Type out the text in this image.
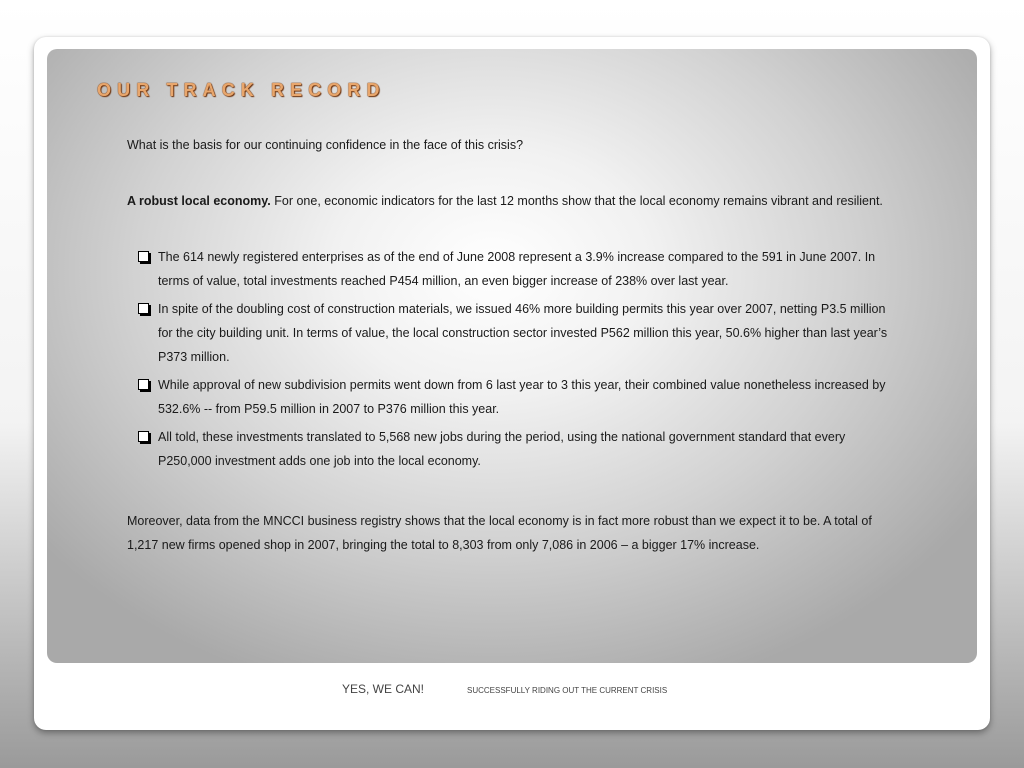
OUR TRACK RECORD

What is the basis for our continuing confidence in the face of this crisis?

A robust local economy. For one, economic indicators for the last 12 months show that the local economy remains vibrant and resilient.

The 614 newly registered enterprises as of the end of June 2008 represent a 3.9% increase compared to the 591 in June 2007. In terms of value, total investments reached P454 million, an even bigger increase of 238% over last year.
In spite of the doubling cost of construction materials, we issued 46% more building permits this year over 2007, netting P3.5 million for the city building unit. In terms of value, the local construction sector invested P562 million this year, 50.6% higher than last year’s P373 million.
While approval of new subdivision permits went down from 6 last year to 3 this year, their combined value nonetheless increased by 532.6% -- from P59.5 million in 2007 to P376 million this year.
All told, these investments translated to 5,568 new jobs during the period, using the national government standard that every P250,000 investment adds one job into the local economy.

Moreover, data from the MNCCI business registry shows that the local economy is in fact more robust than we expect it to be. A total of 1,217 new firms opened shop in 2007, bringing the total to 8,303 from only 7,086 in 2006 – a bigger 17% increase.

YES, WE CAN!	SUCCESSFULLY RIDING OUT THE CURRENT CRISIS
